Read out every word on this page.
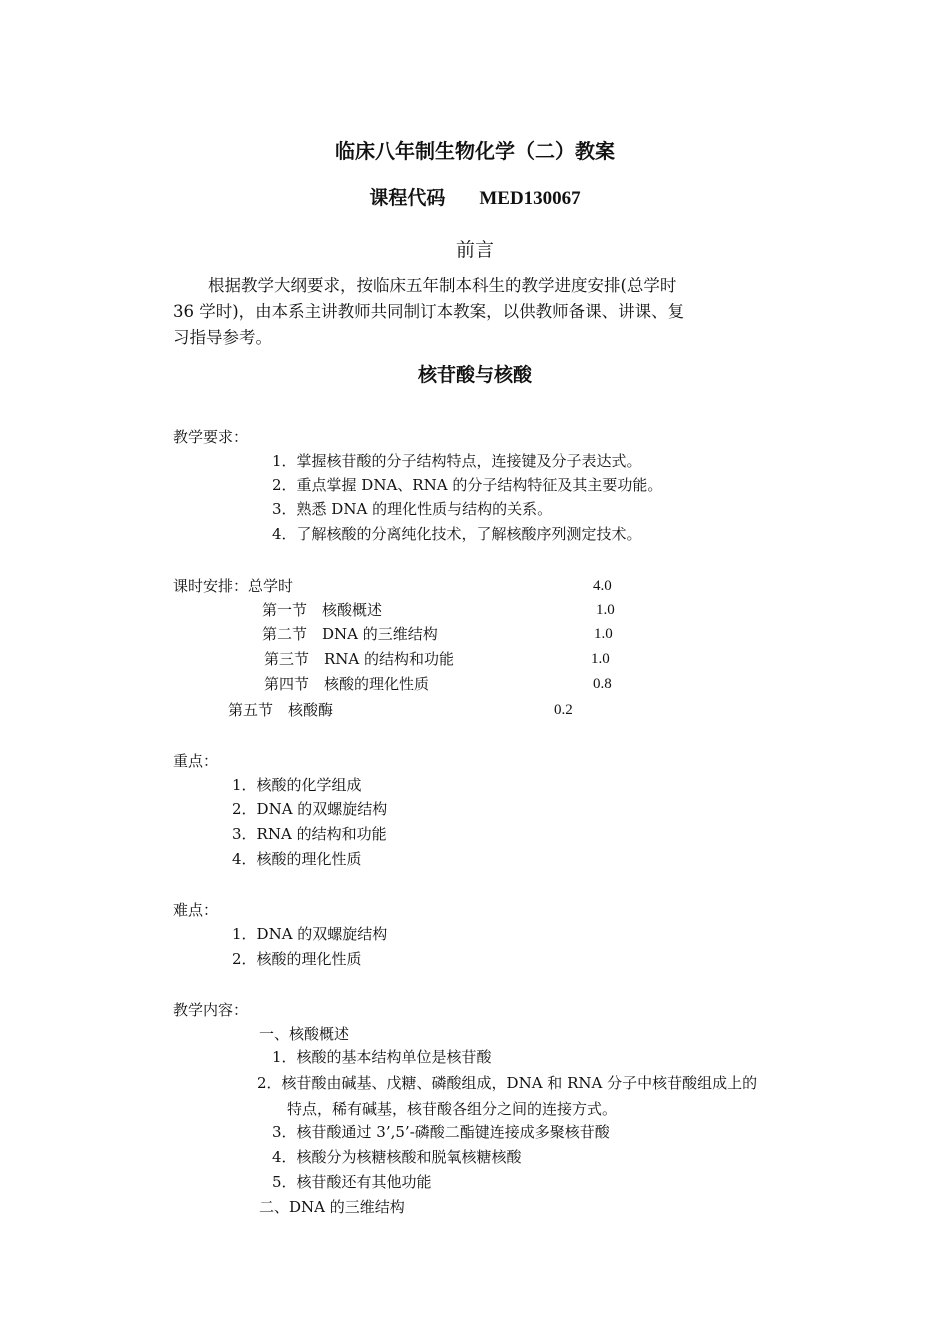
临床八年制生物化学（二）教案
课程代码 MED130067
前言
根据教学大纲要求，按临床五年制本科生的教学进度安排(总学时
36 学时)，由本系主讲教师共同制订本教案，以供教师备课、讲课、复
习指导参考。
核苷酸与核酸
教学要求：
1．掌握核苷酸的分子结构特点，连接键及分子表达式。
2．重点掌握 DNA、RNA 的分子结构特征及其主要功能。
3．熟悉 DNA 的理化性质与结构的关系。
4．了解核酸的分离纯化技术，了解核酸序列测定技术。
课时安排：总学时	4.0
第一节　核酸概述	1.0
第二节　DNA 的三维结构	1.0
第三节　RNA 的结构和功能	1.0
第四节　核酸的理化性质	0.8
第五节　核酸酶	0.2
重点：
1．核酸的化学组成
2．DNA 的双螺旋结构
3．RNA 的结构和功能
4．核酸的理化性质
难点：
1．DNA 的双螺旋结构
2．核酸的理化性质
教学内容：
一、核酸概述
1．核酸的基本结构单位是核苷酸
2．核苷酸由碱基、戊糖、磷酸组成，DNA 和 RNA 分子中核苷酸组成上的
特点，稀有碱基，核苷酸各组分之间的连接方式。
3．核苷酸通过 3’,5’-磷酸二酯键连接成多聚核苷酸
4．核酸分为核糖核酸和脱氧核糖核酸
5．核苷酸还有其他功能
二、DNA 的三维结构
